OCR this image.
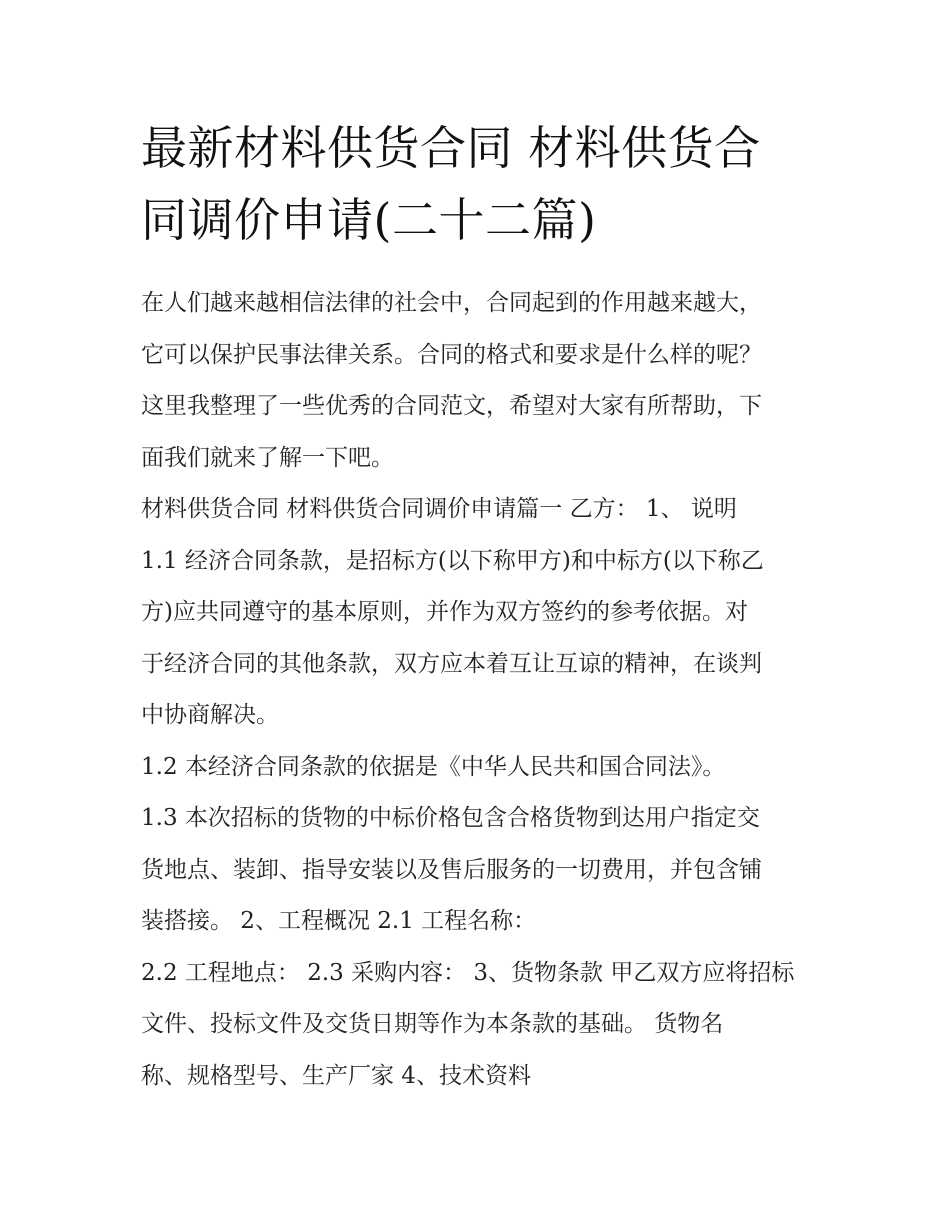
最新材料供货合同 材料供货合
同调价申请(二十二篇)
在人们越来越相信法律的社会中，合同起到的作用越来越大，
它可以保护民事法律关系。合同的格式和要求是什么样的呢？
这里我整理了一些优秀的合同范文，希望对大家有所帮助，下
面我们就来了解一下吧。
材料供货合同 材料供货合同调价申请篇一 乙方： 1、 说明
1.1 经济合同条款，是招标方(以下称甲方)和中标方(以下称乙
方)应共同遵守的基本原则，并作为双方签约的参考依据。对
于经济合同的其他条款，双方应本着互让互谅的精神，在谈判
中协商解决。
1.2 本经济合同条款的依据是《中华人民共和国合同法》。
1.3 本次招标的货物的中标价格包含合格货物到达用户指定交
货地点、装卸、指导安装以及售后服务的一切费用，并包含铺
装搭接。 2、工程概况 2.1 工程名称：
2.2 工程地点： 2.3 采购内容： 3、货物条款 甲乙双方应将招标
文件、投标文件及交货日期等作为本条款的基础。 货物名
称、规格型号、生产厂家 4、技术资料
